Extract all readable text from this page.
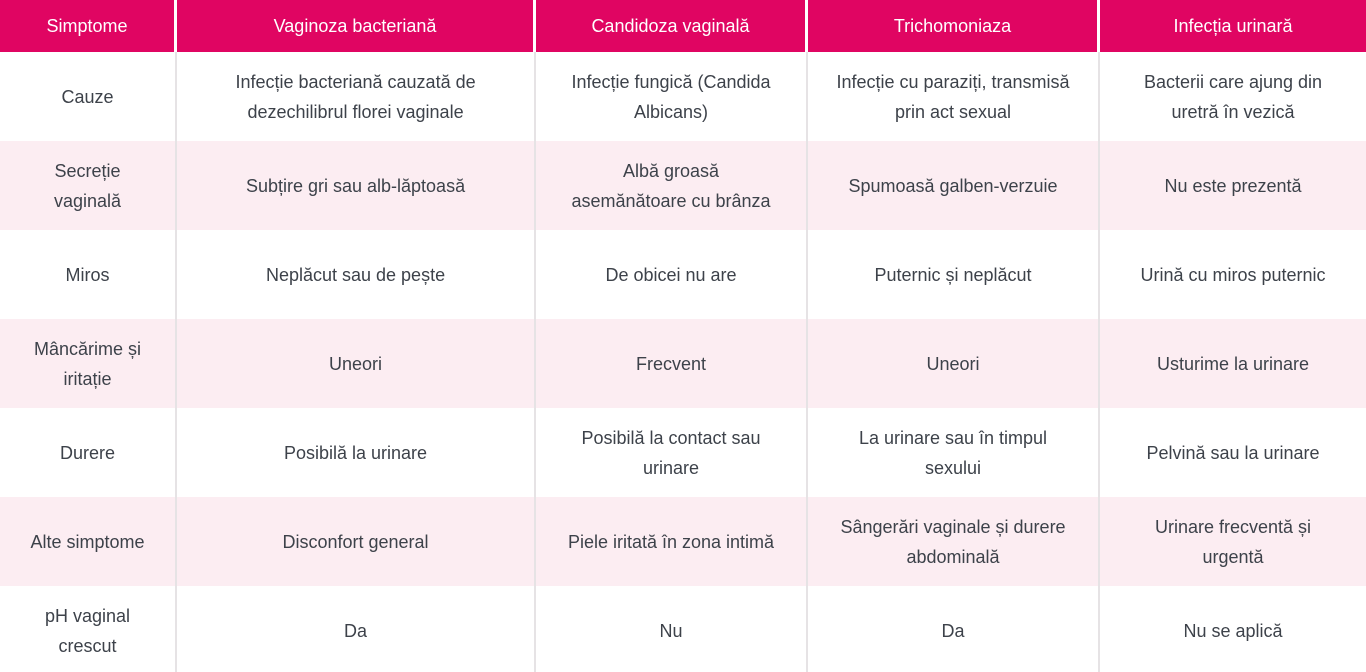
Simptome	Vaginoza bacteriană	Candidoza vaginală	Trichomoniaza	Infecția urinară
Cauze	Infecție bacteriană cauzată de dezechilibrul florei vaginale	Infecție fungică (Candida Albicans)	Infecție cu paraziți, transmisă prin act sexual	Bacterii care ajung din uretră în vezică
Secreție vaginală	Subțire gri sau alb-lăptoasă	Albă groasă asemănătoare cu brânza	Spumoasă galben-verzuie	Nu este prezentă
Miros	Neplăcut sau de pește	De obicei nu are	Puternic și neplăcut	Urină cu miros puternic
Mâncărime și iritație	Uneori	Frecvent	Uneori	Usturime la urinare
Durere	Posibilă la urinare	Posibilă la contact sau urinare	La urinare sau în timpul sexului	Pelvină sau la urinare
Alte simptome	Disconfort general	Piele iritată în zona intimă	Sângerări vaginale și durere abdominală	Urinare frecventă și urgentă
pH vaginal crescut	Da	Nu	Da	Nu se aplică
